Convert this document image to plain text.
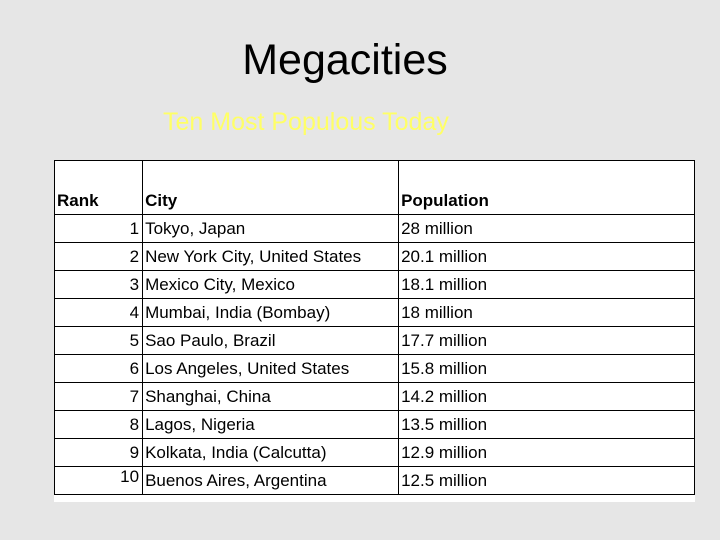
Megacities
Ten Most Populous Today
Rank	City	Population
1	Tokyo, Japan	28 million
2	New York City, United States	20.1 million
3	Mexico City, Mexico	18.1 million
4	Mumbai, India (Bombay)	18 million
5	Sao Paulo, Brazil	17.7 million
6	Los Angeles, United States	15.8 million
7	Shanghai, China	14.2 million
8	Lagos, Nigeria	13.5 million
9	Kolkata, India (Calcutta)	12.9 million
10	Buenos Aires, Argentina	12.5 million
